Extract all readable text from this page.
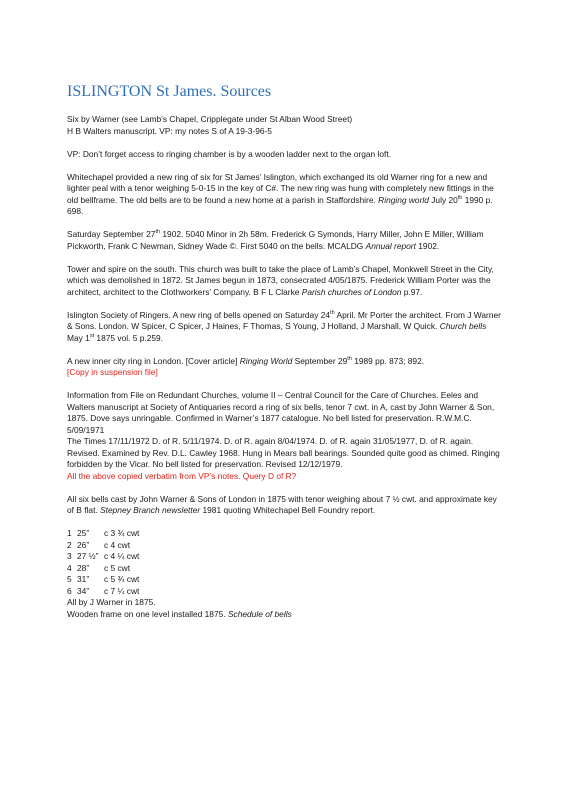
ISLINGTON St James. Sources

Six by Warner (see Lamb’s Chapel, Cripplegate under St Alban Wood Street)
H B Walters manuscript. VP: my notes S of A 19-3-96-5

VP: Don’t forget access to ringing chamber is by a wooden ladder next to the organ loft.

Whitechapel provided a new ring of six for St James’ Islington, which exchanged its old Warner ring for a new and lighter peal with a tenor weighing 5-0-15 in the key of C#. The new ring was hung with completely new fittings in the old bellframe. The old bells are to be found a new home at a parish in Staffordshire. Ringing world July 20th 1990 p. 698.

Saturday September 27th 1902. 5040 Minor in 2h 58m. Frederick G Symonds, Harry Miller, John E Miller, William Pickworth, Frank C Newman, Sidney Wade ©. First 5040 on the bells. MCALDG Annual report 1902.

Tower and spire on the south. This church was built to take the place of Lamb’s Chapel, Monkwell Street in the City, which was demolished in 1872. St James begun in 1873, consecrated 4/05/1875. Frederick William Porter was the architect, architect to the Clothworkers’ Company. B F L Clarke Parish churches of London p.97.

Islington Society of Ringers. A new ring of bells opened on Saturday 24th April. Mr Porter the architect. From J Warner & Sons. London. W Spicer, C Spicer, J Haines, F Thomas, S Young, J Holland, J Marshall, W Quick. Church bells May 1st 1875 vol. 5 p.259.

A new inner city ring in London. [Cover article] Ringing World September 29th 1989 pp. 873; 892.
[Copy in suspension file]

Information from File on Redundant Churches, volume II – Central Council for the Care of Churches. Eeles and Walters manuscript at Society of Antiquaries record a ring of six bells, tenor 7 cwt. in A, cast by John Warner & Son, 1875. Dove says unringable. Confirmed in Warner’s 1877 catalogue. No bell listed for preservation. R.W.M.C. 5/09/1971
The Times 17/11/1972 D. of R. 5/11/1974. D. of R. again 8/04/1974. D. of R. again 31/05/1977, D. of R. again. Revised. Examined by Rev. D.L. Cawley 1968. Hung in Mears ball bearings. Sounded quite good as chimed. Ringing forbidden by the Vicar. No bell listed for preservation. Revised 12/12/1979.
All the above copied verbatim from VP’s notes. Query D of R?

All six bells cast by John Warner & Sons of London in 1875 with tenor weighing about 7 ½ cwt. and approximate key of B flat. Stepney Branch newsletter 1981 quoting Whitechapel Bell Foundry report.

1 25”	c 3 ¾ cwt
2 26”	c 4 cwt
3 27 ½” c 4 ¼ cwt
4 28”	c 5 cwt
5 31”	c 5 ¾ cwt
6 34”	c 7 ¼ cwt
All by J Warner in 1875.
Wooden frame on one level installed 1875. Schedule of bells
